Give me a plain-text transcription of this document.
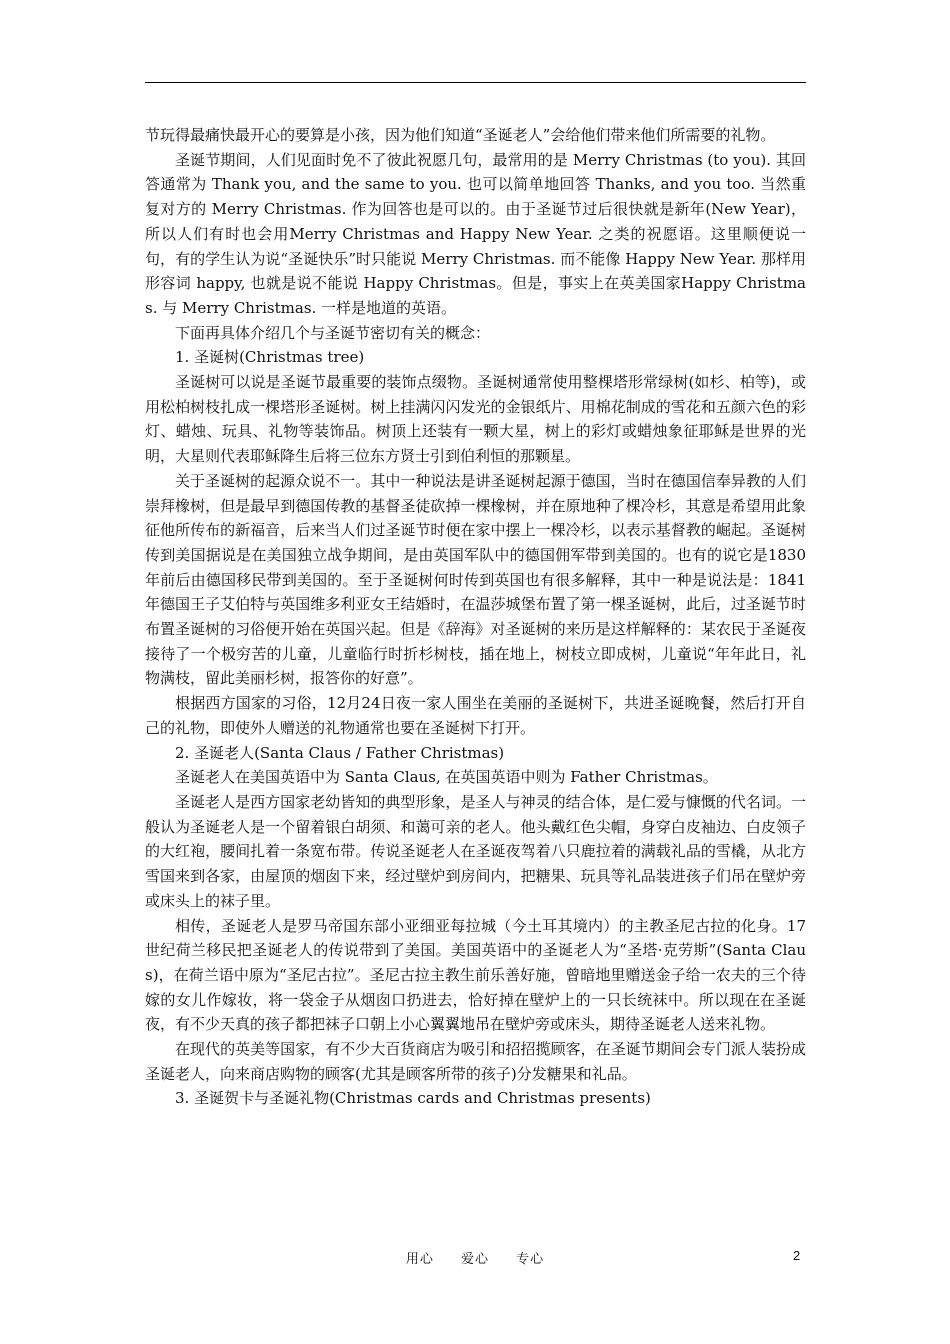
节玩得最痛快最开心的要算是小孩，因为他们知道“圣诞老人”会给他们带来他们所需要的礼物。

圣诞节期间，人们见面时免不了彼此祝愿几句，最常用的是 Merry Christmas (to you). 其回答通常为 Thank you, and the same to you. 也可以简单地回答 Thanks, and you too. 当然重复对方的 Merry Christmas. 作为回答也是可以的。由于圣诞节过后很快就是新年(New Year)，所以人们有时也会用Merry Christmas and Happy New Year. 之类的祝愿语。这里顺便说一句，有的学生认为说“圣诞快乐”时只能说 Merry Christmas. 而不能像 Happy New Year. 那样用形容词 happy, 也就是说不能说 Happy Christmas。但是，事实上在英美国家Happy Christmas. 与 Merry Christmas. 一样是地道的英语。

下面再具体介绍几个与圣诞节密切有关的概念：

1. 圣诞树(Christmas tree)

圣诞树可以说是圣诞节最重要的装饰点缀物。圣诞树通常使用整棵塔形常绿树(如杉、柏等)，或用松柏树枝扎成一棵塔形圣诞树。树上挂满闪闪发光的金银纸片、用棉花制成的雪花和五颜六色的彩灯、蜡烛、玩具、礼物等装饰品。树顶上还装有一颗大星，树上的彩灯或蜡烛象征耶稣是世界的光明，大星则代表耶稣降生后将三位东方贤士引到伯利恒的那颗星。

关于圣诞树的起源众说不一。其中一种说法是讲圣诞树起源于德国，当时在德国信奉异教的人们崇拜橡树，但是最早到德国传教的基督圣徒砍掉一棵橡树，并在原地种了棵冷杉，其意是希望用此象征他所传布的新福音，后来当人们过圣诞节时便在家中摆上一棵冷杉，以表示基督教的崛起。圣诞树传到美国据说是在美国独立战争期间，是由英国军队中的德国佣军带到美国的。也有的说它是1830年前后由德国移民带到美国的。至于圣诞树何时传到英国也有很多解释，其中一种是说法是：1841年德国王子艾伯特与英国维多利亚女王结婚时，在温莎城堡布置了第一棵圣诞树，此后，过圣诞节时布置圣诞树的习俗便开始在英国兴起。但是《辞海》对圣诞树的来历是这样解释的：某农民于圣诞夜接待了一个极穷苦的儿童，儿童临行时折杉树枝，插在地上，树枝立即成树，儿童说“年年此日，礼物满枝，留此美丽杉树，报答你的好意”。

根据西方国家的习俗，12月24日夜一家人围坐在美丽的圣诞树下，共进圣诞晚餐，然后打开自己的礼物，即使外人赠送的礼物通常也要在圣诞树下打开。

2. 圣诞老人(Santa Claus / Father Christmas)

圣诞老人在美国英语中为 Santa Claus, 在英国英语中则为 Father Christmas。

圣诞老人是西方国家老幼皆知的典型形象，是圣人与神灵的结合体，是仁爱与慷慨的代名词。一般认为圣诞老人是一个留着银白胡须、和蔼可亲的老人。他头戴红色尖帽，身穿白皮袖边、白皮领子的大红袍，腰间扎着一条宽布带。传说圣诞老人在圣诞夜驾着八只鹿拉着的满载礼品的雪橇，从北方雪国来到各家，由屋顶的烟囱下来，经过壁炉到房间内，把糖果、玩具等礼品装进孩子们吊在壁炉旁或床头上的袜子里。

相传，圣诞老人是罗马帝国东部小亚细亚每拉城（今土耳其境内）的主教圣尼古拉的化身。17世纪荷兰移民把圣诞老人的传说带到了美国。美国英语中的圣诞老人为“圣塔·克劳斯”(Santa Claus)，在荷兰语中原为“圣尼古拉”。圣尼古拉主教生前乐善好施，曾暗地里赠送金子给一农夫的三个待嫁的女儿作嫁妆，将一袋金子从烟囱口扔进去，恰好掉在壁炉上的一只长统袜中。所以现在在圣诞夜，有不少天真的孩子都把袜子口朝上小心翼翼地吊在壁炉旁或床头，期待圣诞老人送来礼物。

在现代的英美等国家，有不少大百货商店为吸引和招招揽顾客，在圣诞节期间会专门派人装扮成圣诞老人，向来商店购物的顾客(尤其是顾客所带的孩子)分发糖果和礼品。

3. 圣诞贺卡与圣诞礼物(Christmas cards and Christmas presents)

用心 爱心 专心	2
